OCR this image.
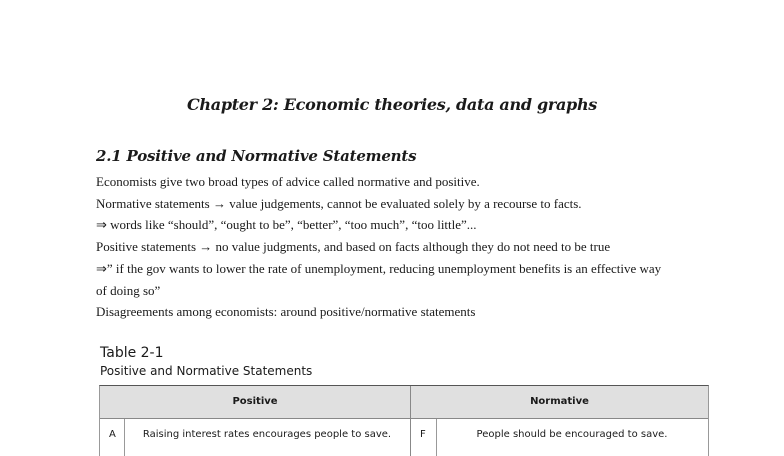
Chapter 2: Economic theories, data and graphs
2.1 Positive and Normative Statements
Economists give two broad types of advice called normative and positive.
Normative statements → value judgements, cannot be evaluated solely by a recourse to facts.
⇒ words like “should”, “ought to be”, “better”, “too much”, “too little”...
Positive statements → no value judgments, and based on facts although they do not need to be true
⇒” if the gov wants to lower the rate of unemployment, reducing unemployment benefits is an effective way
of doing so”
Disagreements among economists: around positive/normative statements
Table 2-1
Positive and Normative Statements
Positive	Normative
A	Raising interest rates encourages people to save.	F	People should be encouraged to save.
